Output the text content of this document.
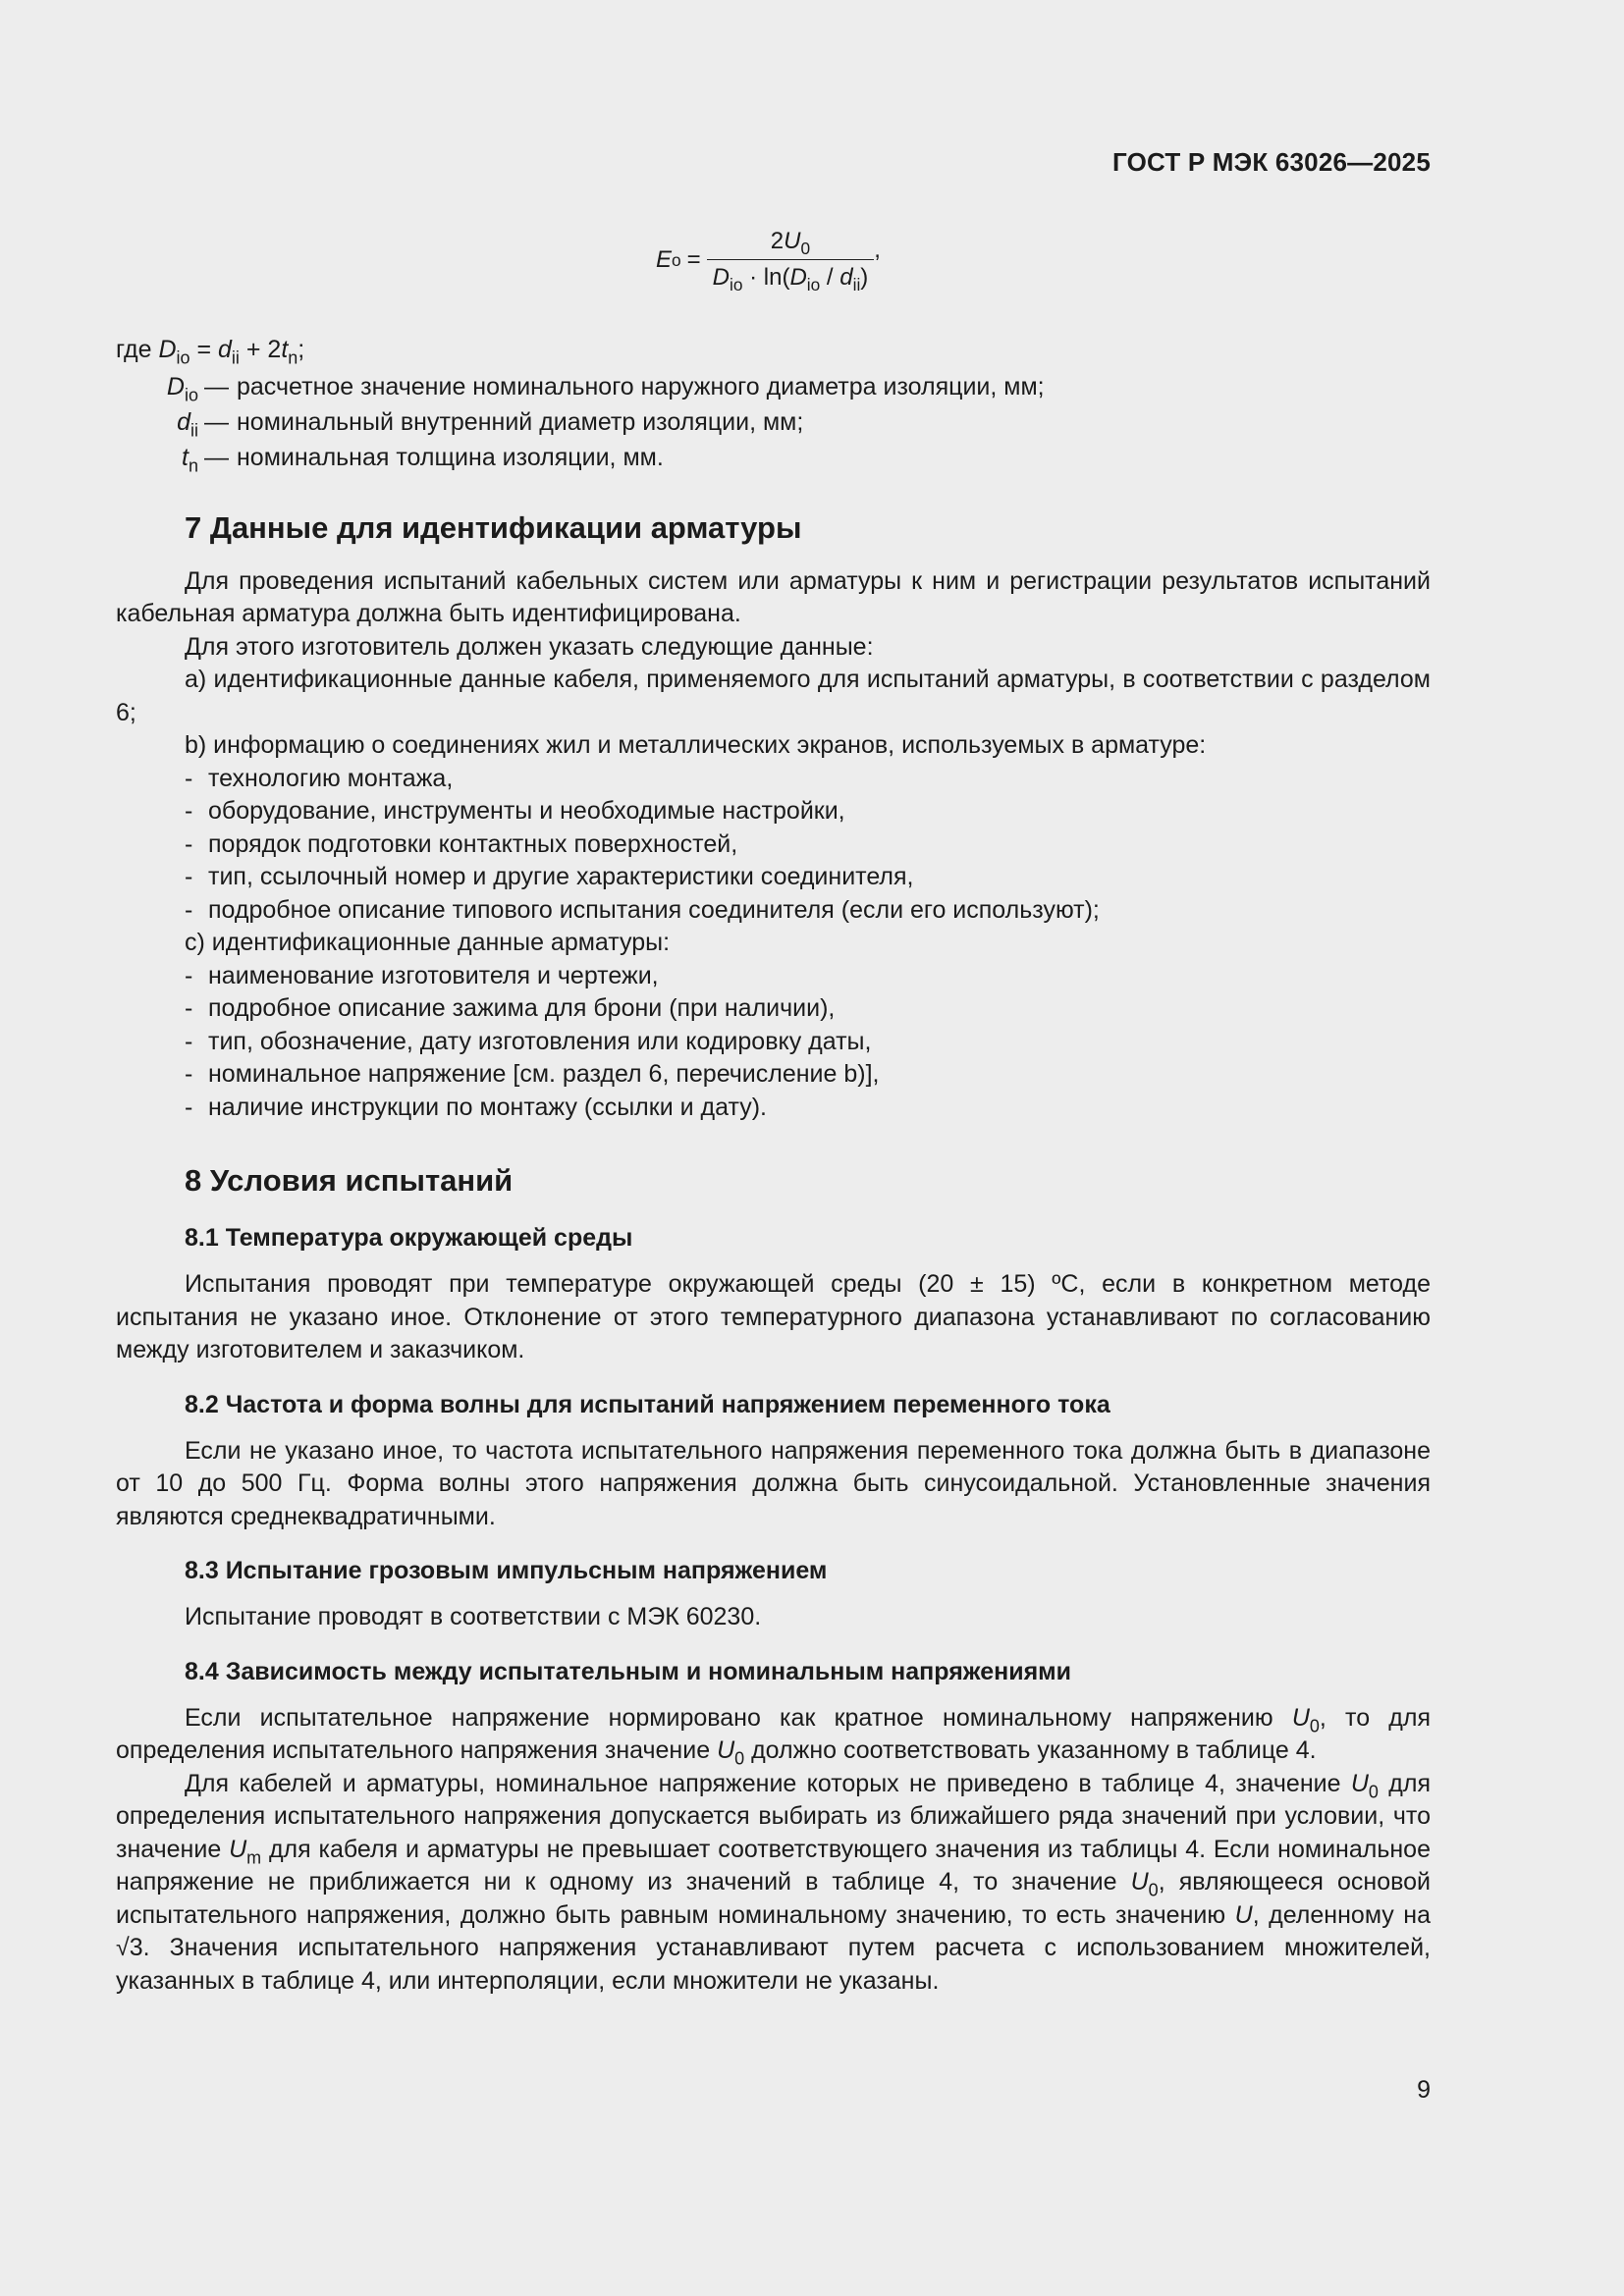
ГОСТ Р МЭК 63026—2025
E $o = \frac{2U_0}{D_{io} \cdot \ln(D_{io} / d_{ii})}$ ,
где $D_{io} = d_{ii} + 2t_n$;
$D_{io}$ — расчетное значение номинального наружного диаметра изоляции, мм;
$d_{ii}$ — номинальный внутренний диаметр изоляции, мм;
$t_n$ — номинальная толщина изоляции, мм.
7 Данные для идентификации арматуры

Для проведения испытаний кабельных систем или арматуры к ним и регистрации результатов испытаний кабельная арматура должна быть идентифицирована.

Для этого изготовитель должен указать следующие данные:

a) идентификационные данные кабеля, применяемого для испытаний арматуры, в соответствии с разделом 6;

b) информацию о соединениях жил и металлических экранов, используемых в арматуре:

- технологию монтажа,
- оборудование, инструменты и необходимые настройки,
- порядок подготовки контактных поверхностей,
- тип, ссылочный номер и другие характеристики соединителя,
- подробное описание типового испытания соединителя (если его используют);

c) идентификационные данные арматуры:

- наименование изготовителя и чертежи,
- подробное описание зажима для брони (при наличии),
- тип, обозначение, дату изготовления или кодировку даты,
- номинальное напряжение [см. раздел 6, перечисление b)],
- наличие инструкции по монтажу (ссылки и дату).
8 Условия испытаний
8.1 Температура окружающей среды

Испытания проводят при температуре окружающей среды (20 ± 15) ºС, если в конкретном методе испытания не указано иное. Отклонение от этого температурного диапазона устанавливают по согласованию между изготовителем и заказчиком.

8.2 Частота и форма волны для испытаний напряжением переменного тока

Если не указано иное, то частота испытательного напряжения переменного тока должна быть в диапазоне от 10 до 500 Гц. Форма волны этого напряжения должна быть синусоидальной. Установленные значения являются среднеквадратичными.

8.3 Испытание грозовым импульсным напряжением

Испытание проводят в соответствии с МЭК 60230.

8.4 Зависимость между испытательным и номинальным напряжениями

Если испытательное напряжение нормировано как кратное номинальному напряжению $U_0$, то для определения испытательного напряжения значение $U_0$ должно соответствовать указанному в таблице 4.

Для кабелей и арматуры, номинальное напряжение которых не приведено в таблице 4, значение $U_0$ для определения испытательного напряжения допускается выбирать из ближайшего ряда значений при условии, что значение $U_m$ для кабеля и арматуры не превышает соответствующего значения из таблицы 4. Если номинальное напряжение не приближается ни к одному из значений в таблице 4, то значение $U_0$, являющееся основой испытательного напряжения, должно быть равным номинальному значению, то есть значению U, деленному на √3. Значения испытательного напряжения устанавливают путем расчета с использованием множителей, указанных в таблице 4, или интерполяции, если множители не указаны.

9
